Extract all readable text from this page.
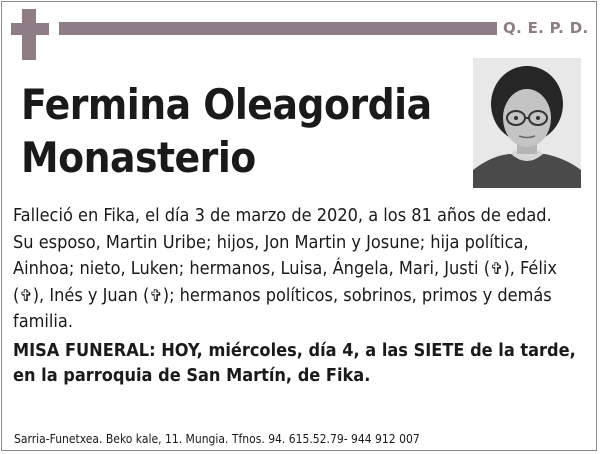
Q. E. P. D.
Fermina Oleagordia
Monasterio

Falleció en Fika, el día 3 de marzo de 2020, a los 81 años de edad.

Su esposo, Martin Uribe; hijos, Jon Martin y Josune; hija política, Ainhoa; nieto, Luken; hermanos, Luisa, Ángela, Mari, Justi (✞), Félix (✞), Inés y Juan (✞); hermanos políticos, sobrinos, primos y demás familia.

MISA FUNERAL: HOY, miércoles, día 4, a las SIETE de la tarde, en la parroquia de San Martín, de Fika.

Sarria-Funetxea. Beko kale, 11. Mungia. Tfnos. 94. 615.52.79- 944 912 007
